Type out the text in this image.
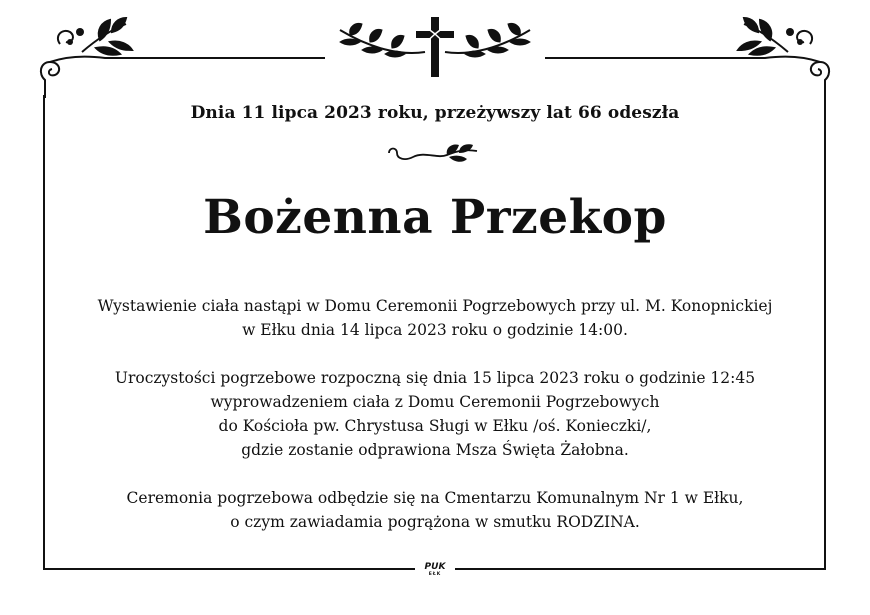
Dnia 11 lipca 2023 roku, przeżywszy lat 66 odeszła
Bożenna Przekop

Wystawienie ciała nastąpi w Domu Ceremonii Pogrzebowych przy ul. M. Konopnickiej
w Ełku dnia 14 lipca 2023 roku o godzinie 14:00.

Uroczystości pogrzebowe rozpoczną się dnia 15 lipca 2023 roku o godzinie 12:45
wyprowadzeniem ciała z Domu Ceremonii Pogrzebowych
do Kościoła pw. Chrystusa Sługi w Ełku /oś. Konieczki/,
gdzie zostanie odprawiona Msza Święta Żałobna.

Ceremonia pogrzebowa odbędzie się na Cmentarzu Komunalnym Nr 1 w Ełku,
o czym zawiadamia pogrążona w smutku RODZINA.

PUK
EŁK
